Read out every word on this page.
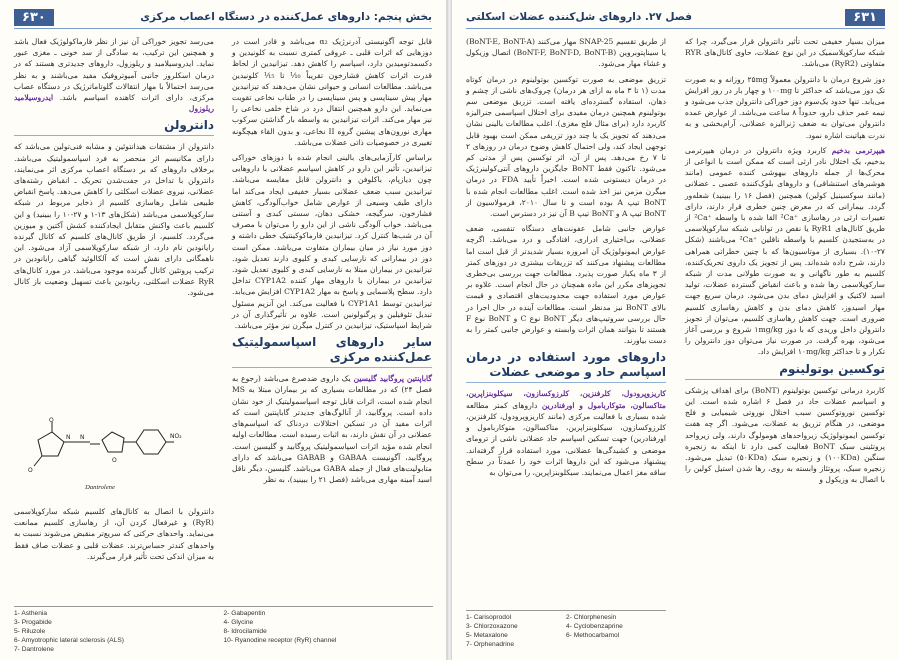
بخش پنجم: داروهای عمل‌کننده در دستگاه اعصاب مرکزی
۶۳۰

قابل توجه آگونیستی آدرنرژیک α₂ می‌باشد و قادر است در دوزهایی که اثرات قلبی ـ عروقی کمتری نسبت به کلونیدین و دکسمدتومیدین دارد، اسپاسم را کاهش دهد. تیزانیدین از لحاظ قدرت اثرات کاهش فشارخون تقریباً ¹⁄₁₀ تا ¹⁄₁₅ کلونیدین می‌باشد. مطالعات انسانی و حیوانی نشان می‌دهند که تیزانیدین مهار پیش سیناپسی و پس سیناپسی را در طناب نخاعی تقویت می‌نماید. این دارو همچنین انتقال درد در شاخ خلفی نخاعی را نیز مهار می‌کند. اثرات تیزانیدین به واسطه بار گذاشتن سرکوب مهاری نورون‌های پیشین گروه II نخاعی، و بدون القاء هیچگونه تغییری در خصوصیات ذاتی عضلات می‌باشد.

براساس کارآزمایی‌های بالینی انجام شده با دوزهای خوراکی تیزانیدین، تأثیر این دارو در کاهش اسپاسم عضلانی با داروهایی چون دیازپام، باکلوفن و دانترولن قابل مقایسه می‌باشد. تیزانیدین سبب ضعف عضلانی بسیار خفیفی ایجاد می‌کند اما دارای طیف وسیعی از عوارض شامل خواب‌آلودگی، کاهش فشارخون، سرگیجه، خشکی دهان، سستی کبدی و آستنی می‌باشد. خواب آلودگی ناشی از این دارو را می‌توان با مصرف آن در شب‌ها کنترل کرد. تیزانیدین فارماکوکینتیک خطی داشته و دوز مورد نیاز در میان بیماران متفاوت می‌باشد. ممکن است دوز در بیمارانی که نارسایی کبدی و کلیوی دارند تعدیل شود. تیزانیدین در بیماران مبتلا به نارسایی کبدی و کلیوی تعدیل شود. تیزانیدین در بیماران با داروهای مهار کننده CYP1A2 تداخل دارد. سطح پلاسمایی و پاسخ به مهار CYP1A2 افزایش می‌یابد. تیزانیدین توسط CYP1A1 با فعالیت می‌کند. این آنزیم مسئول تبدیل تئوفیلین و پرگنولونین است. علاوه بر تأثیرگذاری آن در شرایط اسپاستیک، تیزانیدین در کنترل میگرن نیز مؤثر می‌باشد.

سایر داروهای اسپاسمولیتیک عمل‌کننده مرکزی

گاباپنتین پروگابید گلیسین یک داروی ضدصرع می‌باشد (رجوع به فصل ۲۴) که در مطالعات بسیاری که بر بیماران مبتلا به MS انجام شده است، اثرات قابل توجه اسپاسمولیتیک از خود نشان داده است. پروگابید، از آنالوگ‌های جدیدتر گاباپنتین است که اثرات مفید آن در تسکین اختلالات دردناک که اسپاسم‌های عضلانی در آن نقش دارند، به اثبات رسیده است. مطالعات اولیه انجام شده مؤید اثرات اسپاسمولیتیک پروگابید و گلیسین است. پروگابید، آگونیست GABAA و GABAB می‌باشد که دارای متابولیت‌های فعال از جمله GABA می‌باشد. گلیسین، دیگر ناقل اسید آمینه مهاری می‌باشد (فصل ۲۱ را ببینید)، به نظر

می‌رسد تجویز خوراکی آن نیز از نظر فارماکولوژیک فعال باشد و همچنین این ترکیب، به سادگی از سد خونی ـ مغزی عبور نماید. ایدروسیلامید و ریلوزول، داروهای جدیدتری هستند که در درمان اسکلروز جانبی آمیوتروفیک مفید می‌باشند و به نظر می‌رسد احتمالاً با مهار انتقالات گلوتاماترژیک در دستگاه عصاب مرکزی، دارای اثرات کاهنده اسپاسم باشد. ایدروسیلامید ریلوزول

دانترولن

دانترولن از مشتقات هیدانتوئین و مشابه فنی‌تولین می‌باشد که دارای مکانیسم اثر منحصر به فرد اسپاسمولیتیک می‌باشد. برخلاف داروهای که بر دستگاه اعصاب مرکزی اثر می‌نمایند، دانترولن با تداخل در جفت‌شدن تحریک ـ انقباض رشته‌های عضلانی، نیروی عضلات اسکلتی را کاهش می‌دهد. پاسخ انقباض طبیعی شامل رهاسازی کلسیم از ذخایر مربوط در شبکه سارکوپلاسمی می‌باشد (شکل‌های ۱۳-۱ و ۲۷-۱۰ را ببینید) و این کلسیم باعث واکنش متقابل ایجادکننده کشش آکتین و میوزین می‌گردد. کلسیم، از طریق کانال‌های کلسیم که کانال گیرنده رایانودین نام دارد، از شبکه سارکوپلاسمی آزاد می‌شود. این ناهمگانی دارای نقش است که آلکالوئید گیاهی رایانودین در ترکیب پروتئین کانال گیرنده موجود می‌باشد. در مورد کانال‌های RyR عضلات اسکلتی، ریانودین باعث تسهیل وضعیت باز کانال می‌شود.

O
O
N N
O
NO₂
Dantrolene

دانترولن با اتصال به کانال‌های کلسیم شبکه سارکوپلاسمی (RyR) و غیرفعال کردن آن، از رهاسازی کلسیم ممانعت می‌نماید. واحدهای حرکتی که سریع‌تر منقبض می‌شوند نسبت به واحدهای کندتر حساس‌ترند. عضلات قلبی و عضلات صاف فقط به میزان اندکی تحت تأثیر قرار می‌گیرند.

1- Asthenia
3- Progabide
5- Riluzole
6- Amyotrophic lateral sclerosis (ALS)
7- Dantrolene
2- Gabapentin
4- Glycine
8- Idrocilamide
10- Ryanodine receptor (RyR) channel
۶۳۱
فصل ۲۷. داروهای شل‌کننده عضلات اسکلتی

میزان بسیار خفیفی تحت تأثیر دانترولن قرار می‌گیرد، چرا که شبکه سارکوپلاسمیک در این نوع عضلات، حاوی کانال‌های RYR متفاوتی (RyR2) می‌باشد.

دوز شروع درمان با دانترولن معمولاً ۲۵mg روزانه و به صورت تک دوز می‌باشد که حداکثر تا ۱۰۰mg و چهار بار در روز افزایش می‌یابد. تنها حدود یک‌سوم دوز خوراکی دانترولن جذب می‌شود و نیمه عمر حذف دارو، حدوداً ۸ ساعت می‌باشد. از عوارض عمده دانترولن می‌توان به ضعف ژنرالیزه عضلانی، آرام‌بخشی و به ندرت هپاتیت اشاره نمود.

هیپرترمی بدخیم کاربرد ویژه دانترولن در درمان هیپرترمی بدخیم، یک اختلال نادر ارثی است که ممکن است با انواعی از محرک‌ها از جمله داروهای بیهوشی کننده عمومی (مانند هوشبرهای استنشاقی) و داروهای بلوک‌کننده عصبی ـ عضلانی (مانند سوکسینیل کولین) همچنین (فصل ۱۶ را ببینید) شعله‌ور گردد. بیمارانی که در معرض چنین خطری قرار دارند، دارای تغییرات ارثی در رهاسازی ⁺²Ca القا شده با واسطه ⁺²Ca از طریق کانال‌های RyR1 یا نقص در توانایی شبکه سارکوپلاسمی در به‌ستجیدن کلسیم با واسطه ناقلین ⁺²Ca می‌باشند (شکل ۲۷-۱۰). بسیاری از موتاسیون‌ها که با چنین خطراتی همراهی دارند، شرح داده شده‌اند. پس از تجویز یک داروی تحریک‌کننده، کلسیم به طور ناگهانی و به صورت طولانی مدت از شبکه سارکوپلاسمی رها شده و باعث انقباض گسترده عضلات، تولید اسید لاکتیک و افزایش دمای بدن می‌شود. درمان سریع جهت مهار اسیدوز، کاهش دمای بدن و کاهش رهاسازی کلسیم ضروری است. جهت کاهش رهاسازی کلسیم، می‌توان از تجویز دانترولن داخل وریدی که با دوز ۱mg/kg شروع و بررسی آغاز می‌شود، بهره گرفت. در صورت نیاز می‌توان دوز دانترولن را تکرار و تا حداکثر ۱۰mg/kg افزایش داد.

توکسین بوتولینوم

کاربرد درمانی توکسین بوتولینوم (BoNT) برای اهداف پزشکی و اسپاسم عضلات حاد در فصل ۶ اشاره شده است. این توکسین نوروتوکسین سبب اختلال نوروتی شیمیایی و فلج موضعی، در هنگام تزریق به عضلات، می‌شود. اگر چه هفت توکسین ایمونولوژیک زیرواحدهای هومولوگ دارند، ولی زیرواحد پروتئینی سبک BoNT فعالیت کمی دارد تا اینکه به زنجیره سنگین (۱۰۰KDa) و زنجیره سبک (۵۰KDa) تبدیل می‌شود. زنجیره سبک، پروتئاز وابسته به روی، رها شدن استیل کولین را با اتصال به وزیکول و

از طریق تقسیم SNAP-25 مهار می‌کنند (BoNT-E, BoNT-A) یا سیناپتوبروین (BoNT-F, BoNT-D, BoNT-B) اتصال وزیکول و غشاء مهار می‌شود.

تزریق موضعی به صورت توکسین بوتولینوم در درمان کوتاه مدت (۱ تا ۳ ماه به ازای هر درمان) چروک‌های ناشی از چشم و دهان، استفاده گسترده‌ای یافته است. تزریق موضعی سم بوتولینوم همچنین درمان مفیدی برای اختلال اسپاسمی جنرالیزه کاربرد دارد (برای مثال فلج مغزی). اغلب مطالعات بالینی نشان می‌دهند که تجویز یک یا چند دوز تزریقی ممکن است بهبود قابل توجهی ایجاد کند، ولی احتمال کاهش وضوح درمان در روزهای ۲ تا ۷ رخ می‌دهد. پس از آن، اثر توکسین پس از مدتی کم می‌شود. تاکنون فقط BoNT جایگزین داروهای آنتی‌کولینرژیک در درمان دیستونی شده است. اخیراً تأیید FDA در درمان میگرن مزمن نیز اخذ شده است. اغلب مطالعات انجام شده با BoNT تیپ A بوده است و تا سال ۲۰۱۰، فرمولاسیون از BoNT تیپ A و BoNT تیپ B آن نیز در دسترس است.

عوارض جانبی شامل عفونت‌های دستگاه تنفسی، ضعف عضلانی، بی‌اختیاری ادراری، افتادگی و درد می‌باشد. اگرچه عوارض ایمونولوژیک آن امروزه بسیار شدیدتر از قبل است اما مطالعات پیشنهاد می‌کنند که تزریقات بیشتری در دوزهای کمتر از ۳ ماه یکبار صورت پذیرد. مطالعات جهت بررسی بی‌خطری تجویزهای مکرر این ماده همچنان در حال انجام است. علاوه بر عوارض مورد استفاده جهت محدودیت‌های اقتصادی و قیمت بالای BoNT نیز مدنظر است. مطالعات آینده در حال اجرا در حال بررسی سروتیپ‌های دیگر BoNT نوع C و BoNT نوع F هستند تا بتوانند همان اثرات وابسته و عوارض جانبی کمتر را به دست بیاورند.

داروهای مورد استفاده در درمان اسپاسم حاد و موضعی عضلات

کاریزوپرودول، کلرفنزین، کلرزوکسازون، سیکلوبنزاپرین، متاکسالون، متوکاربامول و اورفنادرین داروهای کمتر مطالعه شده بسیاری با فعالیت مرکزی (مانند کاریزوپرودول، کلرفنزین، کلرزوکسازون، سیکلوبنزاپرین، متاکسالون، متوکاربامول و اورفنادرین) جهت تسکین اسپاسم حاد عضلانی ناشی از ترومای موضعی و کشیدگی‌ها عضلانی، مورد استفاده قرار گرفته‌اند. پیشنهاد می‌شود که این داروها اثرات خود را عمدتاً در سطح ساقه مغز اعمال می‌نمایند. سیکلوبنزاپرین، را می‌توان به

1- Carisoprodol
3- Chlorzoxazone
5- Metaxalone
7- Orphenadrine
2- Chlorphenesin
4- Cyclobenzaprine
6- Methocarbamol
